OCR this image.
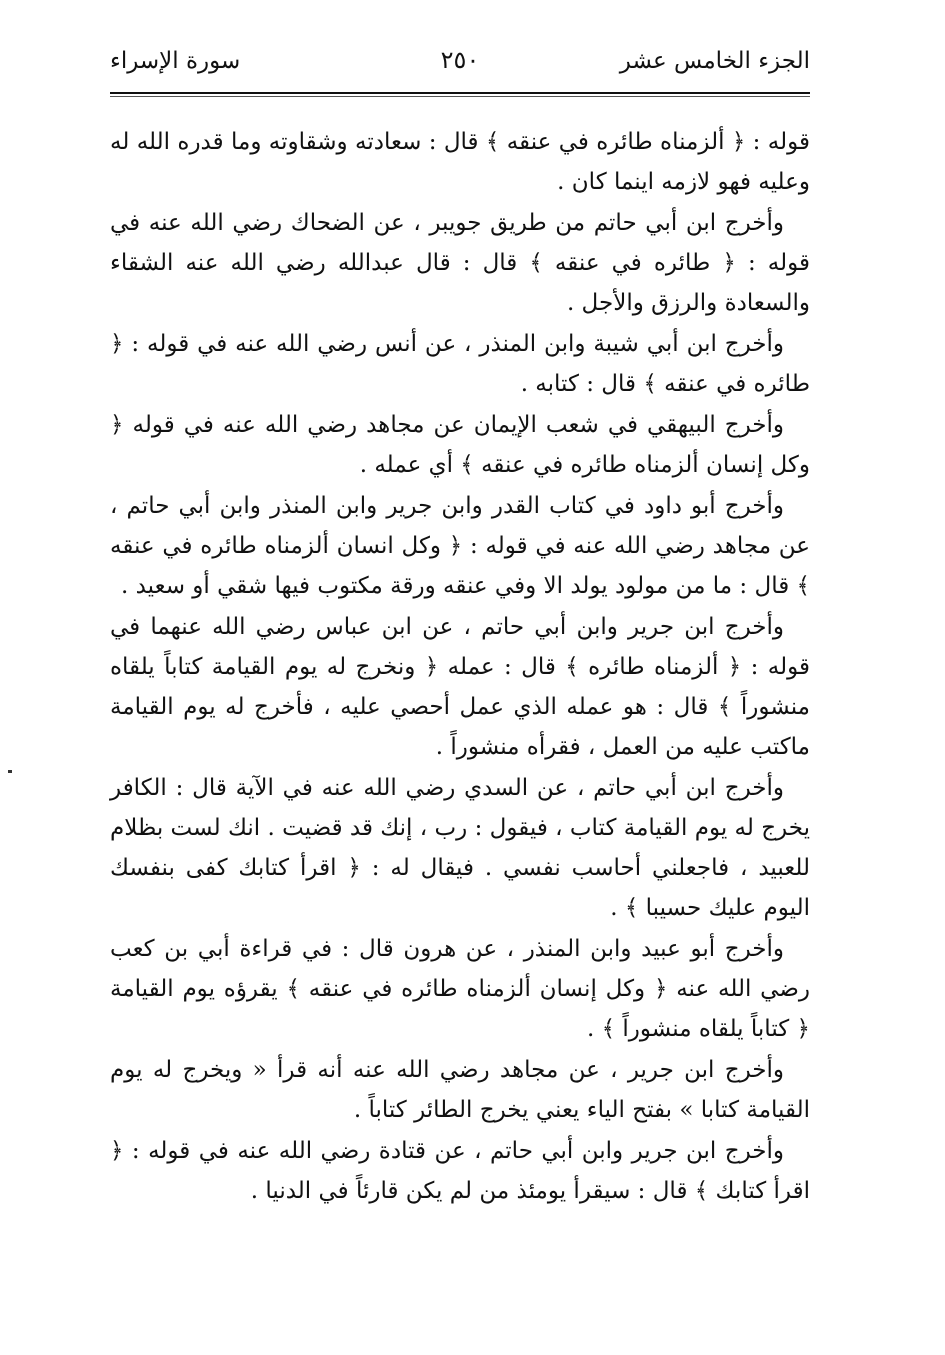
الجزء الخامس عشر
٢٥٠
سورة الإسراء

قوله : ﴿ ألزمناه طائره في عنقه ﴾ قال : سعادته وشقاوته وما قدره الله له وعليه فهو لازمه اينما كان .

وأخرج ابن أبي حاتم من طريق جويبر ، عن الضحاك رضي الله عنه في قوله : ﴿ طائره في عنقه ﴾ قال : قال عبدالله رضي الله عنه الشقاء والسعادة والرزق والأجل .

وأخرج ابن أبي شيبة وابن المنذر ، عن أنس رضي الله عنه في قوله : ﴿ طائره في عنقه ﴾ قال : كتابه .

وأخرج البيهقي في شعب الإيمان عن مجاهد رضي الله عنه في قوله ﴿ وكل إنسان ألزمناه طائره في عنقه ﴾ أي عمله .

وأخرج أبو داود في كتاب القدر وابن جرير وابن المنذر وابن أبي حاتم ، عن مجاهد رضي الله عنه في قوله : ﴿ وكل انسان ألزمناه طائره في عنقه ﴾ قال : ما من مولود يولد الا وفي عنقه ورقة مكتوب فيها شقي أو سعيد .

وأخرج ابن جرير وابن أبي حاتم ، عن ابن عباس رضي الله عنهما في قوله : ﴿ ألزمناه طائره ﴾ قال : عمله ﴿ ونخرج له يوم القيامة كتاباً يلقاه منشوراً ﴾ قال : هو عمله الذي عمل أحصي عليه ، فأخرج له يوم القيامة ماكتب عليه من العمل ، فقرأه منشوراً .

وأخرج ابن أبي حاتم ، عن السدي رضي الله عنه في الآية قال : الكافر يخرج له يوم القيامة كتاب ، فيقول : رب ، إنك قد قضيت . انك لست بظلام للعبيد ، فاجعلني أحاسب نفسي . فيقال له : ﴿ اقرأ كتابك كفى بنفسك اليوم عليك حسيبا ﴾ .

وأخرج أبو عبيد وابن المنذر ، عن هرون قال : في قراءة أبي بن كعب رضي الله عنه ﴿ وكل إنسان ألزمناه طائره في عنقه ﴾ يقرؤه يوم القيامة ﴿ كتاباً يلقاه منشوراً ﴾ .

وأخرج ابن جرير ، عن مجاهد رضي الله عنه أنه قرأ « ويخرج له يوم القيامة كتابا » بفتح الياء يعني يخرج الطائر كتاباً .

وأخرج ابن جرير وابن أبي حاتم ، عن قتادة رضي الله عنه في قوله : ﴿ اقرأ كتابك ﴾ قال : سيقرأ يومئذ من لم يكن قارئاً في الدنيا .
